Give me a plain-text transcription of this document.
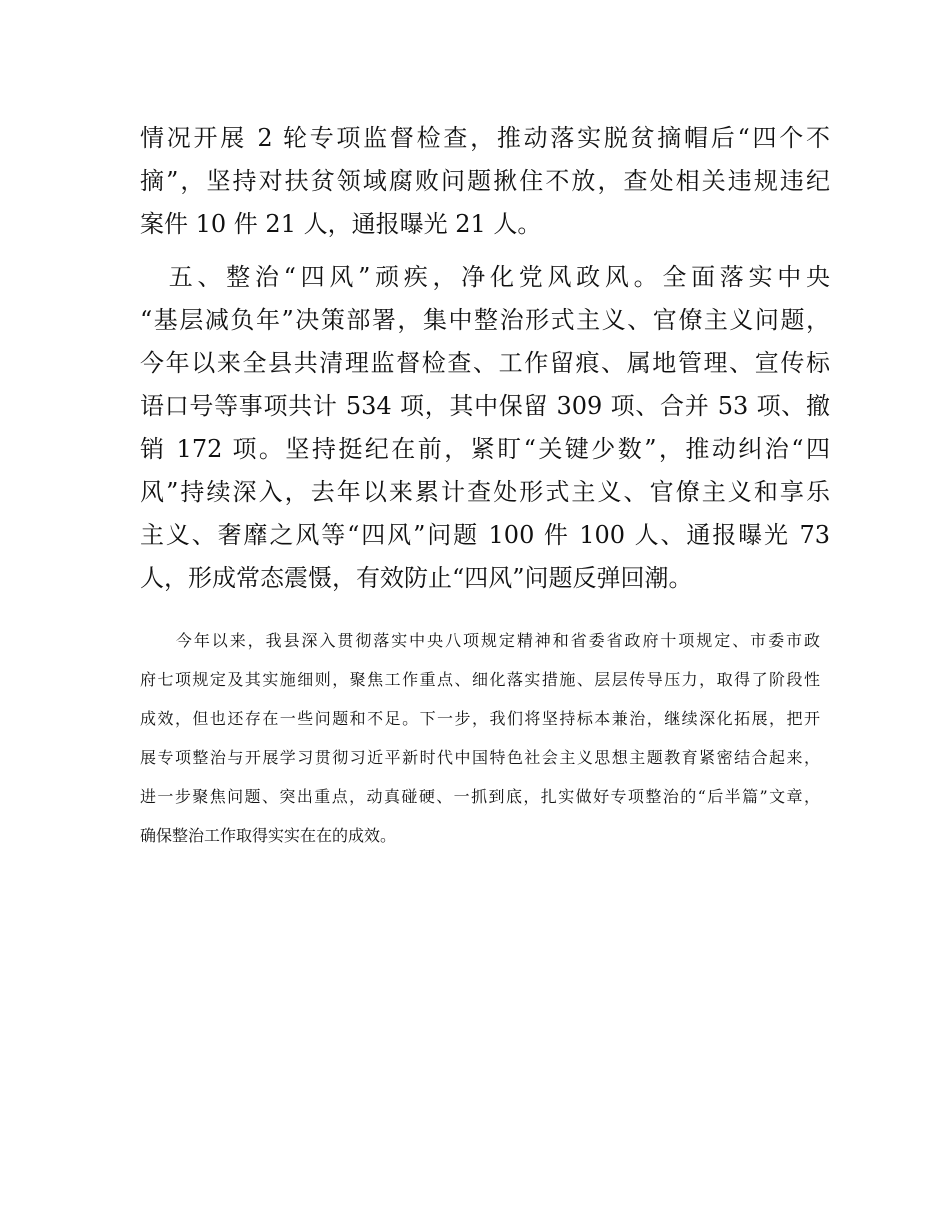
情况开展 2 轮专项监督检查，推动落实脱贫摘帽后“四个不
摘”，坚持对扶贫领域腐败问题揪住不放，查处相关违规违纪
案件 10 件 21 人，通报曝光 21 人。
　五、整治“四风”顽疾，净化党风政风。全面落实中央
“基层减负年”决策部署，集中整治形式主义、官僚主义问题，
今年以来全县共清理监督检查、工作留痕、属地管理、宣传标
语口号等事项共计 534 项，其中保留 309 项、合并 53 项、撤
销 172 项。坚持挺纪在前，紧盯“关键少数”，推动纠治“四
风”持续深入，去年以来累计查处形式主义、官僚主义和享乐
主义、奢靡之风等“四风”问题 100 件 100 人、通报曝光 73
人，形成常态震慑，有效防止“四风”问题反弹回潮。
　　今年以来，我县深入贯彻落实中央八项规定精神和省委省政府十项规定、市委市政
府七项规定及其实施细则，聚焦工作重点、细化落实措施、层层传导压力，取得了阶段性
成效，但也还存在一些问题和不足。下一步，我们将坚持标本兼治，继续深化拓展，把开
展专项整治与开展学习贯彻习近平新时代中国特色社会主义思想主题教育紧密结合起来，
进一步聚焦问题、突出重点，动真碰硬、一抓到底，扎实做好专项整治的“后半篇”文章，
确保整治工作取得实实在在的成效。
